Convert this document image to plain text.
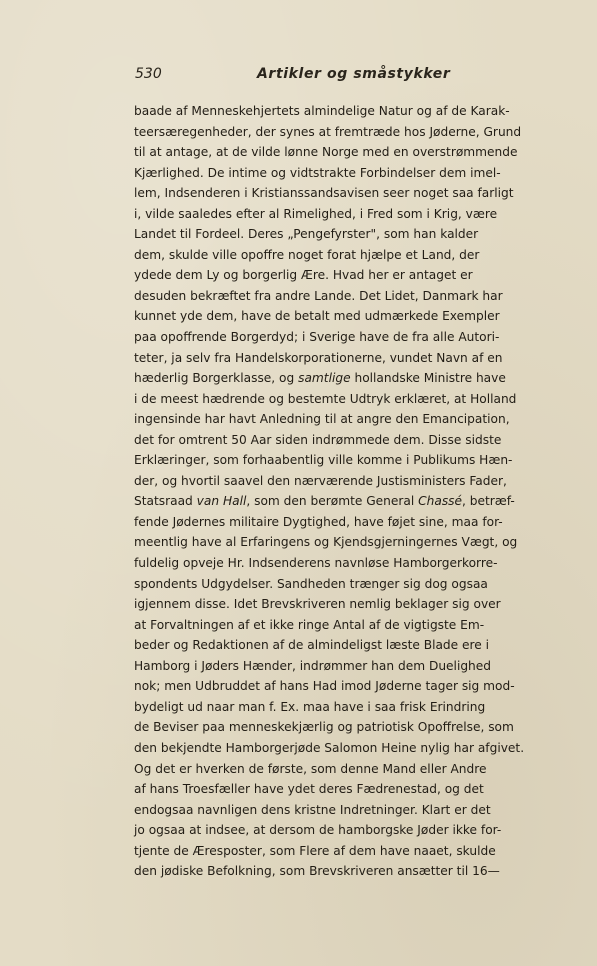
530	Artikler og småstykker
baade af Menneskehjertets almindelige Natur og af de Karak-
teersæregenheder, der synes at fremtræde hos Jøderne, Grund
til at antage, at de vilde lønne Norge med en overstrømmende
Kjærlighed. De intime og vidtstrakte Forbindelser dem imel-
lem, Indsenderen i Kristianssandsavisen seer noget saa farligt
i, vilde saaledes efter al Rimelighed, i Fred som i Krig, være
Landet til Fordeel. Deres „Pengefyrster", som han kalder
dem, skulde ville opoffre noget forat hjælpe et Land, der
ydede dem Ly og borgerlig Ære. Hvad her er antaget er
desuden bekræftet fra andre Lande. Det Lidet, Danmark har
kunnet yde dem, have de betalt med udmærkede Exempler
paa opoffrende Borgerdyd; i Sverige have de fra alle Autori-
teter, ja selv fra Handelskorporationerne, vundet Navn af en
hæderlig Borgerklasse, og samtlige hollandske Ministre have
i de meest hædrende og bestemte Udtryk erklæret, at Holland
ingensinde har havt Anledning til at angre den Emancipation,
det for omtrent 50 Aar siden indrømmede dem. Disse sidste
Erklæringer, som forhaabentlig ville komme i Publikums Hæn-
der, og hvortil saavel den nærværende Justisministers Fader,
Statsraad van Hall, som den berømte General Chassé, betræf-
fende Jødernes militaire Dygtighed, have føjet sine, maa for-
meentlig have al Erfaringens og Kjendsgjerningernes Vægt, og
fuldelig opveje Hr. Indsenderens navnløse Hamborgerkorre-
spondents Udgydelser. Sandheden trænger sig dog ogsaa
igjennem disse. Idet Brevskriveren nemlig beklager sig over
at Forvaltningen af et ikke ringe Antal af de vigtigste Em-
beder og Redaktionen af de almindeligst læste Blade ere i
Hamborg i Jøders Hænder, indrømmer han dem Duelighed
nok; men Udbruddet af hans Had imod Jøderne tager sig mod-
bydeligt ud naar man f. Ex. maa have i saa frisk Erindring
de Beviser paa menneskekjærlig og patriotisk Opoffrelse, som
den bekjendte Hamborgerjøde Salomon Heine nylig har afgivet.
Og det er hverken de første, som denne Mand eller Andre
af hans Troesfæller have ydet deres Fædrenestad, og det
endogsaa navnligen dens kristne Indretninger. Klart er det
jo ogsaa at indsee, at dersom de hamborgske Jøder ikke for-
tjente de Æresposter, som Flere af dem have naaet, skulde
den jødiske Befolkning, som Brevskriveren ansætter til 16—
